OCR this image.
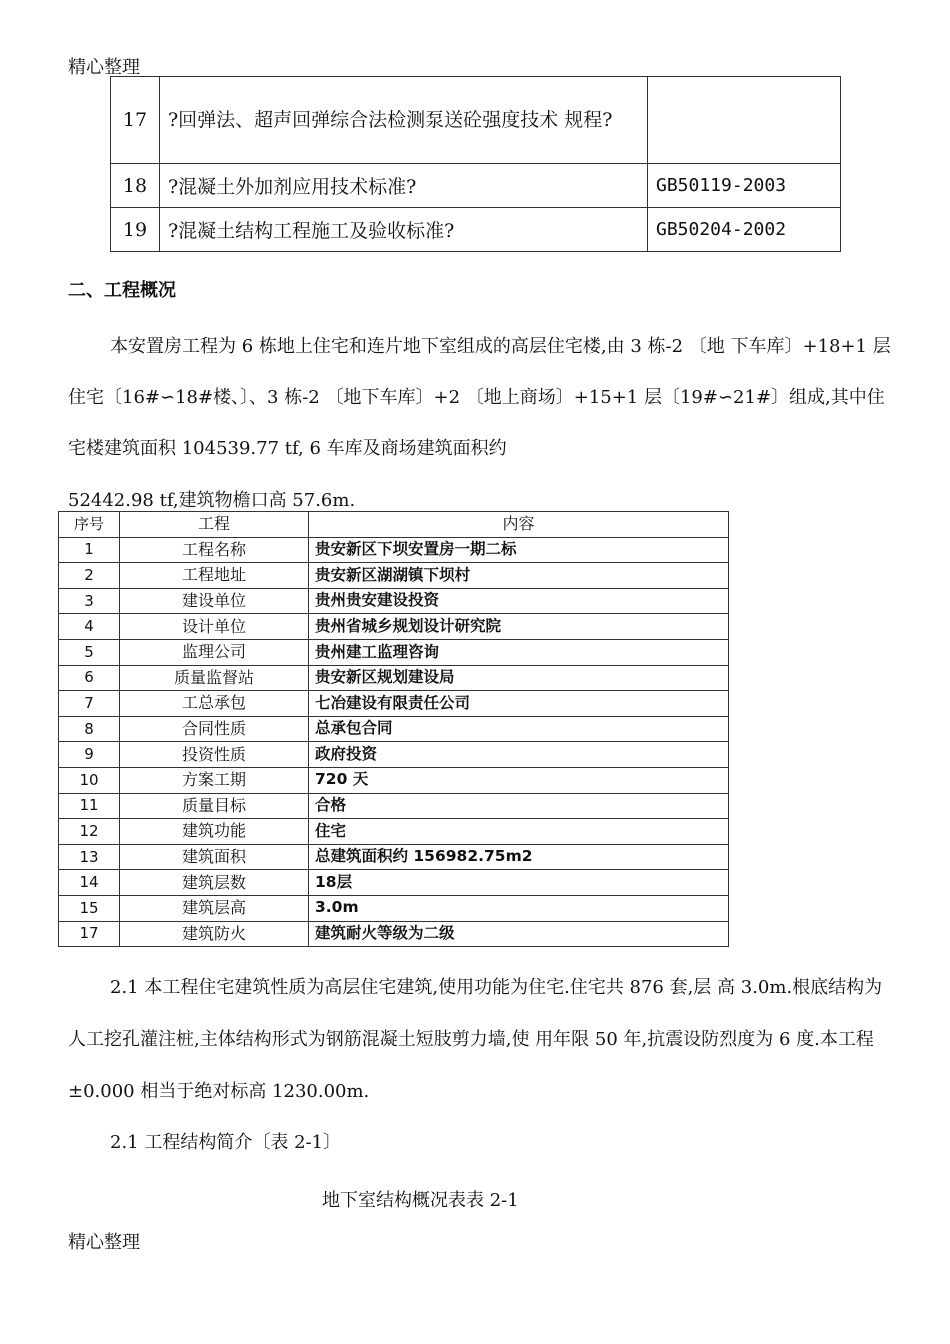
精心整理
17	?回弹法、超声回弹综合法检测泵送砼强度技术 规程?	
18	?混凝土外加剂应用技术标准?	GB50119-2003
19	?混凝土结构工程施工及验收标准?	GB50204-2002
二、工程概况
本安置房工程为 6 栋地上住宅和连片地下室组成的高层住宅楼,由 3 栋-2 〔地 下车库〕+18+1 层住宅〔16#∽18#楼、〕、3 栋-2 〔地下车库〕+2 〔地上商场〕+15+1 层〔19#∽21#〕组成,其中住宅楼建筑面积 104539.77 tf, 6 车库及商场建筑面积约
52442.98 tf,建筑物檐口高 57.6m.
序号	工程	内容
1	工程名称	贵安新区下坝安置房一期二标
2	工程地址	贵安新区湖湖镇下坝村
3	建设单位	贵州贵安建设投资
4	设计单位	贵州省城乡规划设计研究院
5	监理公司	贵州建工监理咨询
6	质量监督站	贵安新区规划建设局
7	工总承包	七冶建设有限责任公司
8	合同性质	总承包合同
9	投资性质	政府投资
10	方案工期	720 天
11	质量目标	合格
12	建筑功能	住宅
13	建筑面积	总建筑面积约 156982.75m2
14	建筑层数	18层
15	建筑层高	3.0m
17	建筑防火	建筑耐火等级为二级
2.1 本工程住宅建筑性质为高层住宅建筑,使用功能为住宅.住宅共 876 套,层 高 3.0m.根底结构为人工挖孔灌注桩,主体结构形式为钢筋混凝土短肢剪力墙,使 用年限 50 年,抗震设防烈度为 6 度.本工程±0.000 相当于绝对标高 1230.00m.
2.1 工程结构简介〔表 2-1〕
地下室结构概况表表 2-1
精心整理
